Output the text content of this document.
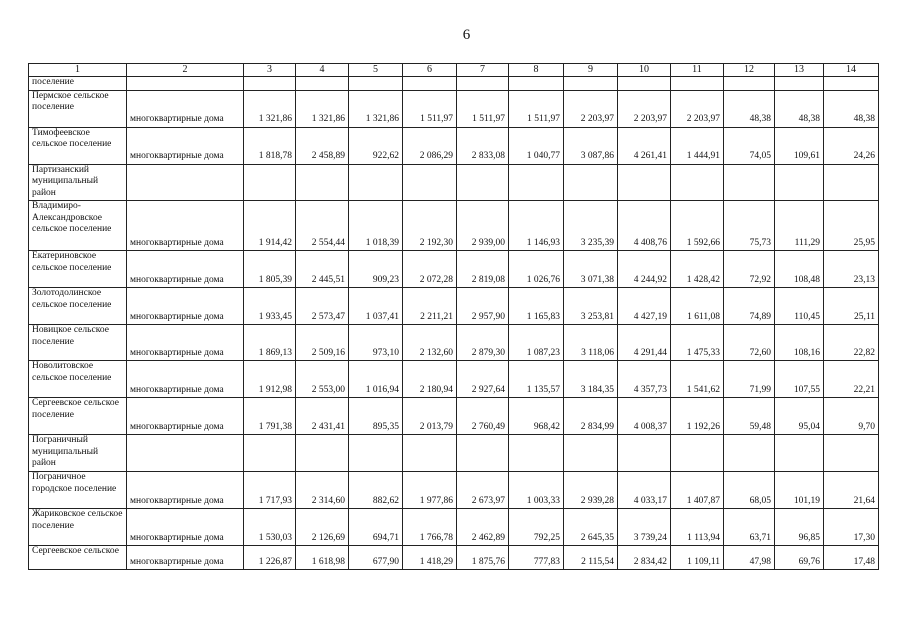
6
1	2	3	4	5	6	7	8	9	10	11	12	13	14
поселение													
Пермское сельское поселение	многоквартирные дома	1 321,86	1 321,86	1 321,86	1 511,97	1 511,97	1 511,97	2 203,97	2 203,97	2 203,97	48,38	48,38	48,38
Тимофеевское сельское поселение	многоквартирные дома	1 818,78	2 458,89	922,62	2 086,29	2 833,08	1 040,77	3 087,86	4 261,41	1 444,91	74,05	109,61	24,26
Партизанский муниципальный район													
Владимиро-Александровское сельское поселение	многоквартирные дома	1 914,42	2 554,44	1 018,39	2 192,30	2 939,00	1 146,93	3 235,39	4 408,76	1 592,66	75,73	111,29	25,95
Екатериновское сельское поселение	многоквартирные дома	1 805,39	2 445,51	909,23	2 072,28	2 819,08	1 026,76	3 071,38	4 244,92	1 428,42	72,92	108,48	23,13
Золотодолинское сельское поселение	многоквартирные дома	1 933,45	2 573,47	1 037,41	2 211,21	2 957,90	1 165,83	3 253,81	4 427,19	1 611,08	74,89	110,45	25,11
Новицкое сельское поселение	многоквартирные дома	1 869,13	2 509,16	973,10	2 132,60	2 879,30	1 087,23	3 118,06	4 291,44	1 475,33	72,60	108,16	22,82
Новолитовское сельское поселение	многоквартирные дома	1 912,98	2 553,00	1 016,94	2 180,94	2 927,64	1 135,57	3 184,35	4 357,73	1 541,62	71,99	107,55	22,21
Сергеевское сельское поселение	многоквартирные дома	1 791,38	2 431,41	895,35	2 013,79	2 760,49	968,42	2 834,99	4 008,37	1 192,26	59,48	95,04	9,70
Пограничный муниципальный район													
Пограничное городское поселение	многоквартирные дома	1 717,93	2 314,60	882,62	1 977,86	2 673,97	1 003,33	2 939,28	4 033,17	1 407,87	68,05	101,19	21,64
Жариковское сельское поселение	многоквартирные дома	1 530,03	2 126,69	694,71	1 766,78	2 462,89	792,25	2 645,35	3 739,24	1 113,94	63,71	96,85	17,30
Сергеевское сельское	многоквартирные дома	1 226,87	1 618,98	677,90	1 418,29	1 875,76	777,83	2 115,54	2 834,42	1 109,11	47,98	69,76	17,48
